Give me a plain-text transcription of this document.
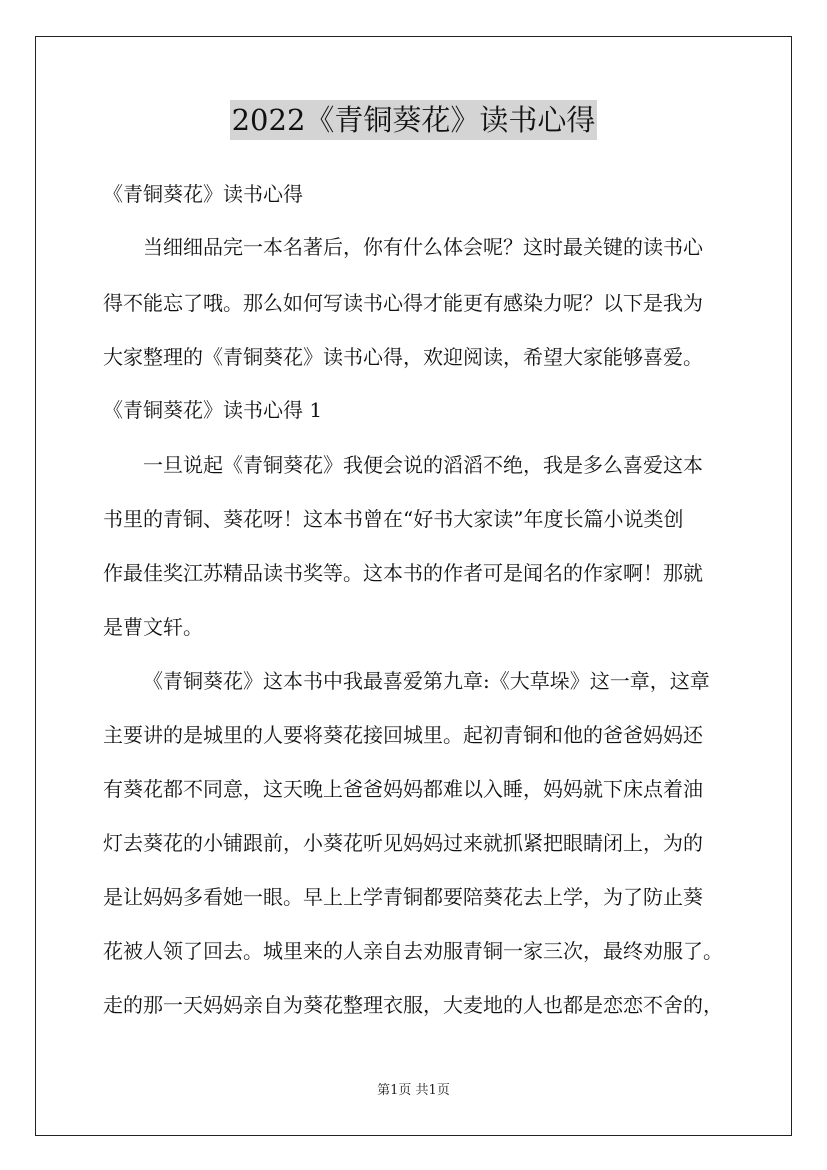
2022《青铜葵花》读书心得
《青铜葵花》读书心得
当细细品完一本名著后，你有什么体会呢？这时最关键的读书心
得不能忘了哦。那么如何写读书心得才能更有感染力呢？以下是我为
大家整理的《青铜葵花》读书心得，欢迎阅读，希望大家能够喜爱。
《青铜葵花》读书心得 1
一旦说起《青铜葵花》我便会说的滔滔不绝，我是多么喜爱这本
书里的青铜、葵花呀！这本书曾在“好书大家读”年度长篇小说类创
作最佳奖江苏精品读书奖等。这本书的作者可是闻名的作家啊！那就
是曹文轩。
《青铜葵花》这本书中我最喜爱第九章:《大草垛》这一章，这章
主要讲的是城里的人要将葵花接回城里。起初青铜和他的爸爸妈妈还
有葵花都不同意，这天晚上爸爸妈妈都难以入睡，妈妈就下床点着油
灯去葵花的小铺跟前，小葵花听见妈妈过来就抓紧把眼睛闭上，为的
是让妈妈多看她一眼。早上上学青铜都要陪葵花去上学，为了防止葵
花被人领了回去。城里来的人亲自去劝服青铜一家三次，最终劝服了。
走的那一天妈妈亲自为葵花整理衣服，大麦地的人也都是恋恋不舍的，
第1页 共1页
